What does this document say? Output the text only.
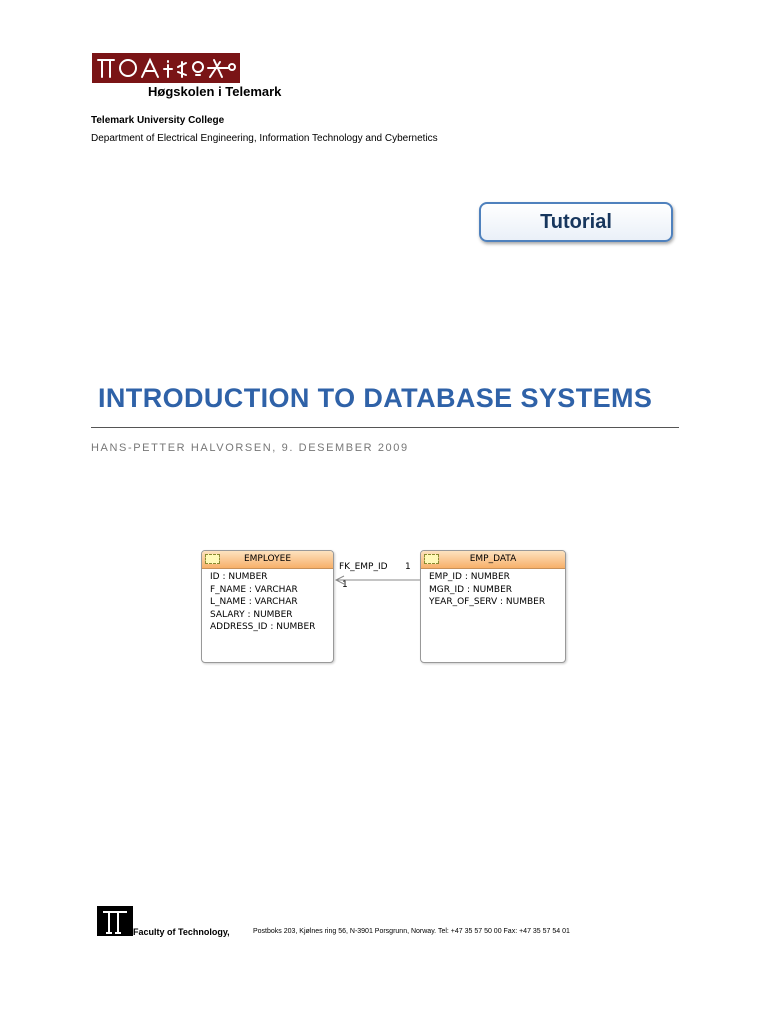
Høgskolen i Telemark
Telemark University College
Department of Electrical Engineering, Information Technology and Cybernetics
Tutorial
INTRODUCTION TO DATABASE SYSTEMS
HANS-PETTER HALVORSEN, 9. DESEMBER 2009
EMPLOYEE
ID : NUMBER
F_NAME : VARCHAR
L_NAME : VARCHAR
SALARY : NUMBER
ADDRESS_ID : NUMBER
EMP_DATA
EMP_ID : NUMBER
MGR_ID : NUMBER
YEAR_OF_SERV : NUMBER
FK_EMP_ID 1
1
Faculty of Technology,	Postboks 203, Kjølnes ring 56, N-3901 Porsgrunn, Norway. Tel: +47 35 57 50 00 Fax: +47 35 57 54 01
